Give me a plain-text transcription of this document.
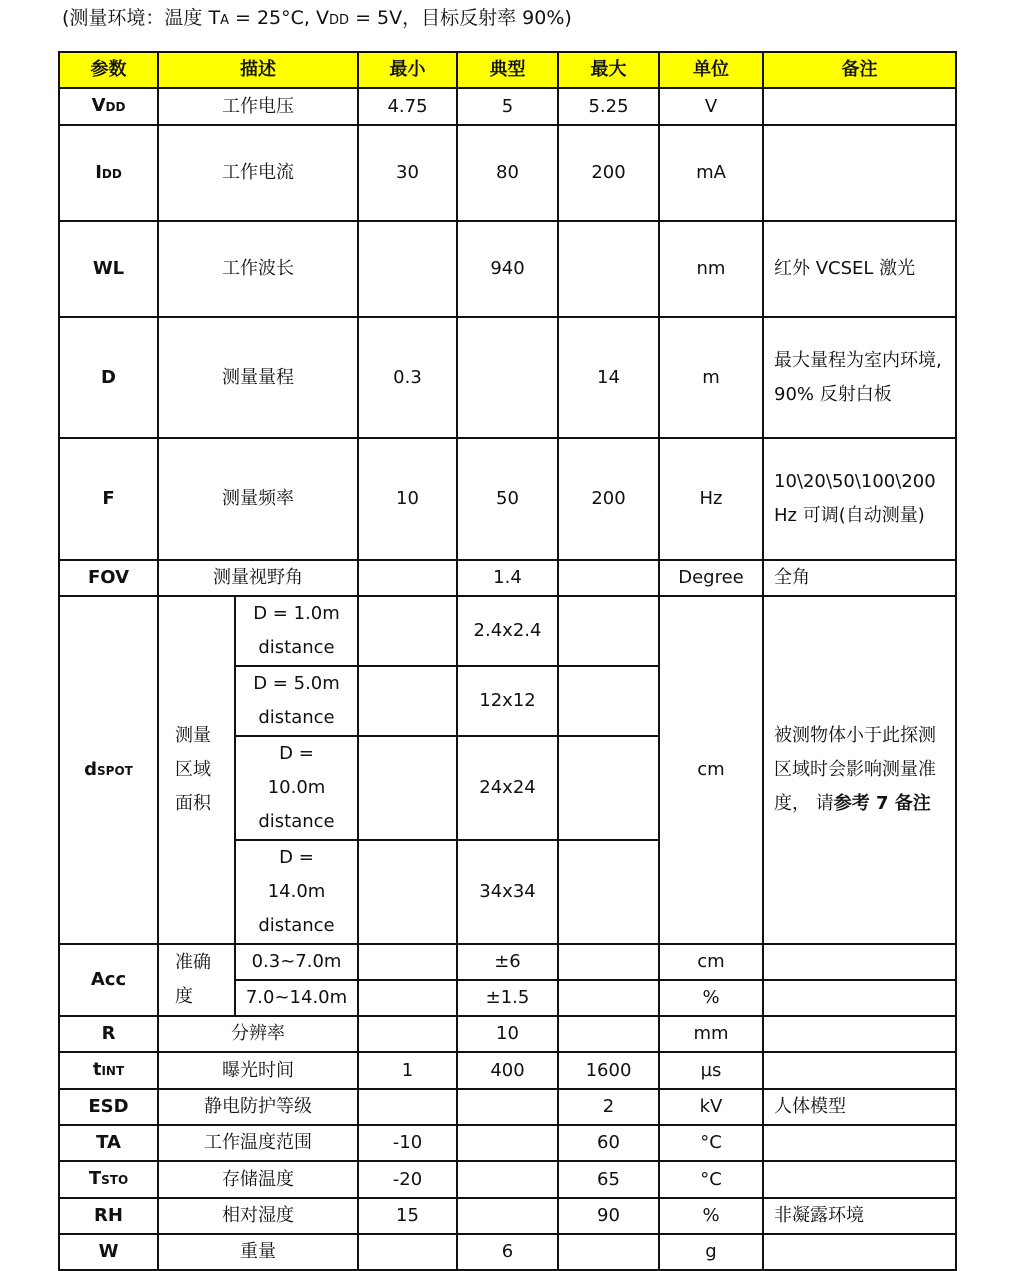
(测量环境：温度 TA = 25°C, VDD = 5V，目标反射率 90%)
参数	描述		最小	典型	最大	单位	备注
VDD	工作电压		4.75	5	5.25	V	
IDD	工作电流		30	80	200	mA	
WL	工作波长			940		nm	红外 VCSEL 激光
D	测量量程		0.3		14	m	最大量程为室内环境, 90% 反射白板
F	测量频率		10	50	200	Hz	10\20\50\100\200 Hz 可调(自动测量)
FOV	测量视野角			1.4		Degree	全角
dSPOT	测量区域面积	D = 1.0m distance		2.4x2.4		cm	被测物体小于此探测区域时会影响测量准度， 请参考 7 备注
		D = 5.0m distance		12x12			
		D = 10.0m distance		24x24			
		D = 14.0m distance		34x34			
Acc	准确度	0.3~7.0m		±6		cm	
		7.0~14.0m		±1.5		%	
R	分辨率			10		mm	
tINT	曝光时间		1	400	1600	µs	
ESD	静电防护等级				2	kV	人体模型
TA	工作温度范围		-10		60	°C	
TSTO	存储温度		-20		65	°C	
RH	相对湿度		15		90	%	非凝露环境
W	重量			6		g	
